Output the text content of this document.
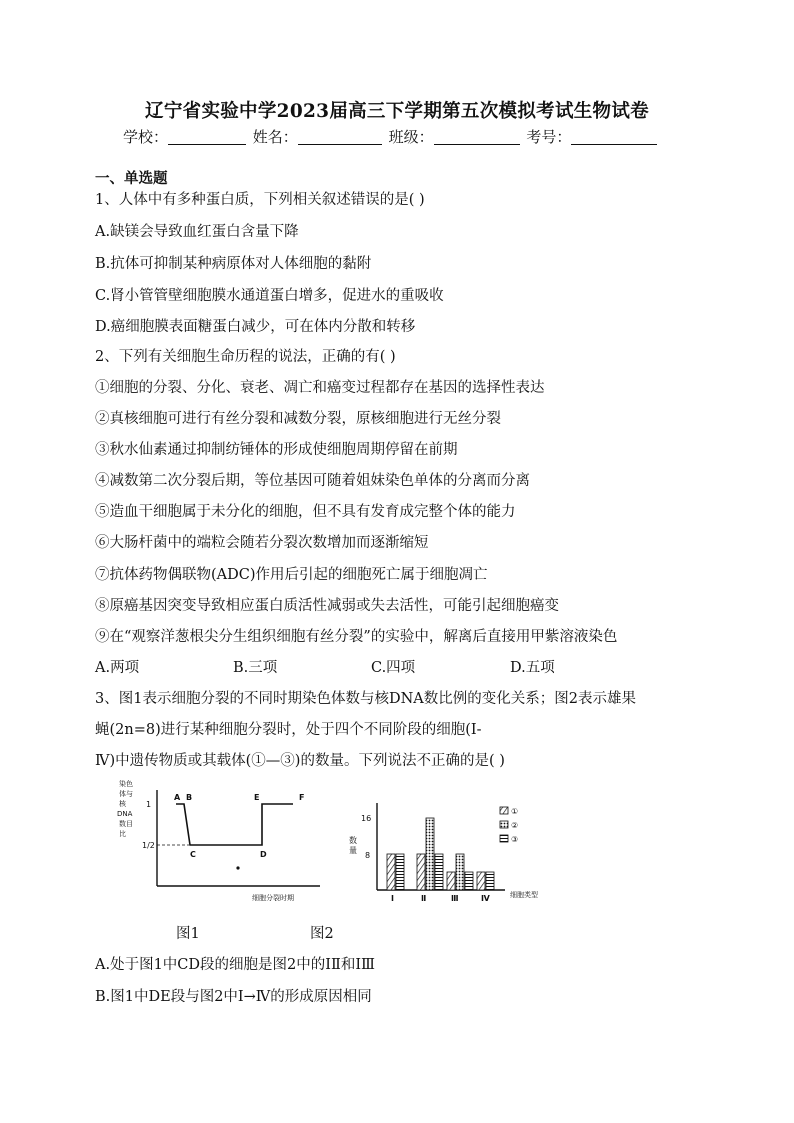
辽宁省实验中学2023届高三下学期第五次模拟考试生物试卷
学校：	姓名：	班级：	考号：
一、单选题
1、人体中有多种蛋白质，下列相关叙述错误的是( )
A.缺镁会导致血红蛋白含量下降
B.抗体可抑制某种病原体对人体细胞的黏附
C.肾小管管壁细胞膜水通道蛋白增多，促进水的重吸收
D.癌细胞膜表面糖蛋白减少，可在体内分散和转移
2、下列有关细胞生命历程的说法，正确的有( )
①细胞的分裂、分化、衰老、凋亡和癌变过程都存在基因的选择性表达
②真核细胞可进行有丝分裂和减数分裂，原核细胞进行无丝分裂
③秋水仙素通过抑制纺锤体的形成使细胞周期停留在前期
④减数第二次分裂后期，等位基因可随着姐妹染色单体的分离而分离
⑤造血干细胞属于未分化的细胞，但不具有发育成完整个体的能力
⑥大肠杆菌中的端粒会随若分裂次数增加而逐渐缩短
⑦抗体药物偶联物(ADC)作用后引起的细胞死亡属于细胞凋亡
⑧原癌基因突变导致相应蛋白质活性减弱或失去活性，可能引起细胞癌变
⑨在“观察洋葱根尖分生组织细胞有丝分裂”的实验中，解离后直接用甲紫溶液染色
A.两项	B.三项	C.四项	D.五项
3、图1表示细胞分裂的不同时期染色体数与核DNA数比例的变化关系；图2表示雄果
蝇(2n=8)进行某种细胞分裂时，处于四个不同阶段的细胞(Ⅰ-
Ⅳ)中遗传物质或其载体(①—③)的数量。下列说法不正确的是( )
染色
体与
核
DNA
数目
比
1
1/2
A B
C	D
E	F
细胞分裂时期
数
量
16
8
Ⅰ	Ⅱ	Ⅲ	Ⅳ	细胞类型
①
②
③
图1	图2
A.处于图1中CD段的细胞是图2中的ⅠⅡ和ⅠⅢ
B.图1中DE段与图2中Ⅰ→Ⅳ的形成原因相同
